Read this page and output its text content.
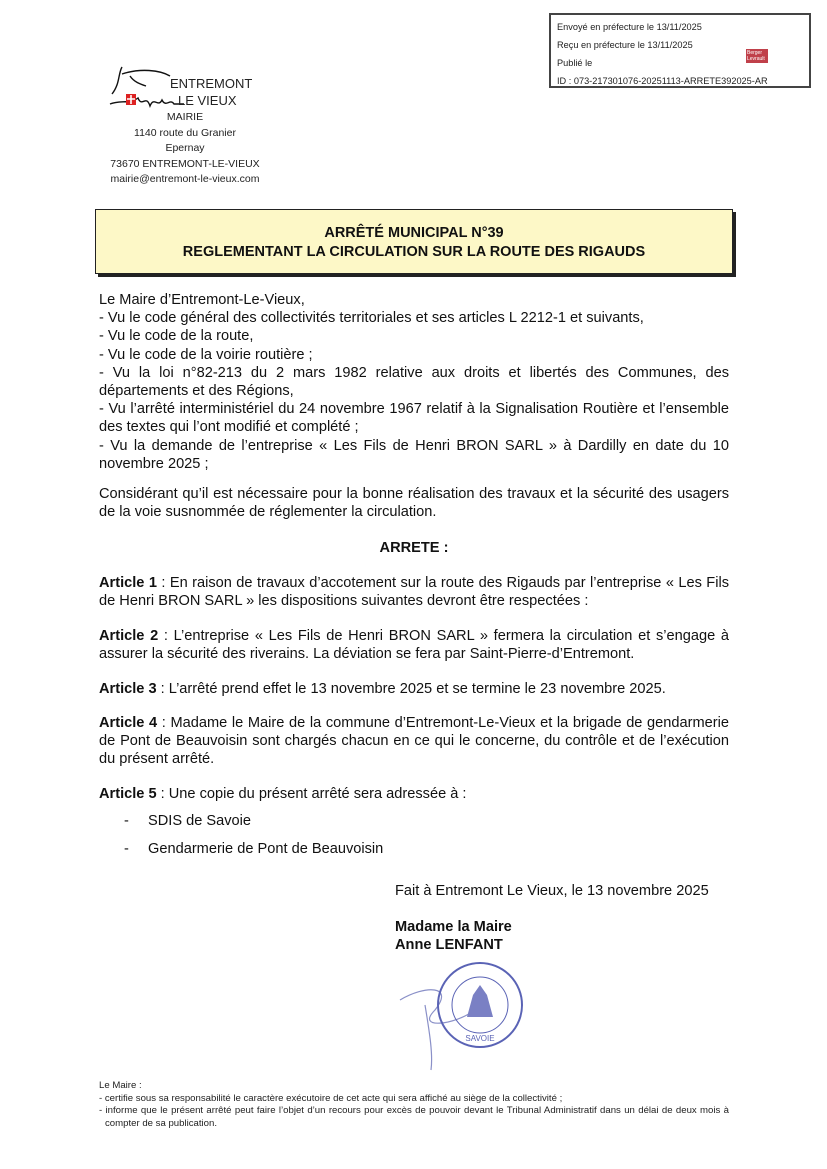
Envoyé en préfecture le 13/11/2025
Reçu en préfecture le 13/11/2025
Publié le
ID : 073-217301076-20251113-ARRETE392025-AR
Berger Levrault
ENTREMONT
LE VIEUX
MAIRIE
1140 route du Granier
Epernay
73670 ENTREMONT-LE-VIEUX
mairie@entremont-le-vieux.com
ARRÊTÉ MUNICIPAL N°39
REGLEMENTANT LA CIRCULATION SUR LA ROUTE DES RIGAUDS

Le Maire d’Entremont-Le-Vieux,

- Vu le code général des collectivités territoriales et ses articles L 2212-1 et suivants,

- Vu le code de la route,

- Vu le code de la voirie routière ;

- Vu la loi n°82-213 du 2 mars 1982 relative aux droits et libertés des Communes, des départements et des Régions,

- Vu l’arrêté interministériel du 24 novembre 1967 relatif à la Signalisation Routière et l’ensemble des textes qui l’ont modifié et complété ;

- Vu la demande de l’entreprise « Les Fils de Henri BRON SARL » à Dardilly en date du 10 novembre 2025 ;

Considérant qu’il est nécessaire pour la bonne réalisation des travaux et la sécurité des usagers de la voie susnommée de réglementer la circulation.
ARRETE :
Article 1 : En raison de travaux d’accotement sur la route des Rigauds par l’entreprise « Les Fils de Henri BRON SARL » les dispositions suivantes devront être respectées :
Article 2 : L’entreprise « Les Fils de Henri BRON SARL » fermera la circulation et s’engage à assurer la sécurité des riverains. La déviation se fera par Saint-Pierre-d’Entremont.
Article 3 : L’arrêté prend effet le 13 novembre 2025 et se termine le 23 novembre 2025.
Article 4 : Madame le Maire de la commune d’Entremont-Le-Vieux et la brigade de gendarmerie de Pont de Beauvoisin sont chargés chacun en ce qui le concerne, du contrôle et de l’exécution du présent arrêté.
Article 5 : Une copie du présent arrêté sera adressée à :
-	SDIS de Savoie
-	Gendarmerie de Pont de Beauvoisin
Fait à Entremont Le Vieux, le 13 novembre 2025
Madame la Maire
Anne LENFANT
SAVOIE
Le Maire :
- certifie sous sa responsabilité le caractère exécutoire de cet acte qui sera affiché au siège de la collectivité ;
- informe que le présent arrêté peut faire l’objet d’un recours pour excès de pouvoir devant le Tribunal Administratif dans un délai de deux mois à compter de sa publication.
